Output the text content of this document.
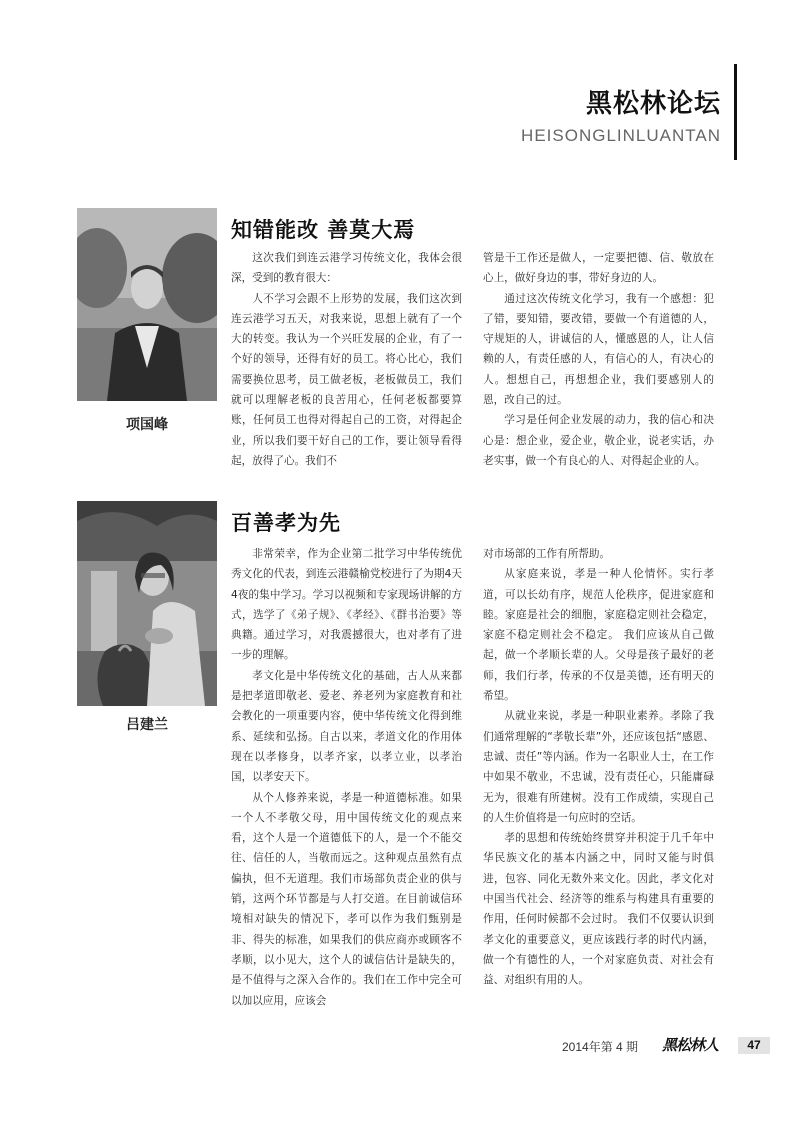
黑松林论坛
HEISONGLINLUANTAN
项国峰
知错能改 善莫大焉

这次我们到连云港学习传统文化，我体会很深，受到的教育很大：

人不学习会跟不上形势的发展，我们这次到连云港学习五天，对我来说，思想上就有了一个大的转变。我认为一个兴旺发展的企业，有了一个好的领导，还得有好的员工。将心比心，我们需要换位思考，员工做老板，老板做员工，我们就可以理解老板的良苦用心，任何老板都要算账，任何员工也得对得起自己的工资，对得起企业，所以我们要干好自己的工作，要让领导看得起，放得了心。我们不

管是干工作还是做人，一定要把德、信、敬放在心上，做好身边的事，带好身边的人。

通过这次传统文化学习，我有一个感想：犯了错，要知错，要改错，要做一个有道德的人，守规矩的人，讲诚信的人，懂感恩的人，让人信赖的人，有责任感的人，有信心的人，有决心的人。想想自己，再想想企业，我们要感别人的恩，改自己的过。

学习是任何企业发展的动力，我的信心和决心是：想企业，爱企业，敬企业，说老实话，办老实事，做一个有良心的人、对得起企业的人。

吕建兰
百善孝为先

非常荣幸，作为企业第二批学习中华传统优秀文化的代表，到连云港赣榆党校进行了为期4天4夜的集中学习。学习以视频和专家现场讲解的方式，选学了《弟子规》、《孝经》、《群书治要》等典籍。通过学习，对我震撼很大，也对孝有了进一步的理解。

孝文化是中华传统文化的基础，古人从来都是把孝道即敬老、爱老、养老列为家庭教育和社会教化的一项重要内容，使中华传统文化得到维系、延续和弘扬。自古以来，孝道文化的作用体现在以孝修身，以孝齐家，以孝立业，以孝治国，以孝安天下。

从个人修养来说，孝是一种道德标准。如果一个人不孝敬父母，用中国传统文化的观点来看，这个人是一个道德低下的人，是一个不能交往、信任的人，当敬而远之。这种观点虽然有点偏执，但不无道理。我们市场部负责企业的供与销，这两个环节都是与人打交道。在目前诚信环境相对缺失的情况下，孝可以作为我们甄别是非、得失的标准，如果我们的供应商亦或顾客不孝顺，以小见大，这个人的诚信估计是缺失的，是不值得与之深入合作的。我们在工作中完全可以加以应用，应该会

对市场部的工作有所帮助。

从家庭来说，孝是一种人伦情怀。实行孝道，可以长幼有序，规范人伦秩序，促进家庭和睦。家庭是社会的细胞，家庭稳定则社会稳定，家庭不稳定则社会不稳定。 我们应该从自己做起，做一个孝顺长辈的人。父母是孩子最好的老师，我们行孝，传承的不仅是美德，还有明天的希望。

从就业来说，孝是一种职业素养。孝除了我们通常理解的“孝敬长辈”外，还应该包括“感恩、忠诚、责任”等内涵。作为一名职业人士，在工作中如果不敬业，不忠诚，没有责任心，只能庸碌无为，很难有所建树。没有工作成绩，实现自己的人生价值将是一句应时的空话。

孝的思想和传统始终贯穿并积淀于几千年中华民族文化的基本内涵之中，同时又能与时俱进，包容、同化无数外来文化。因此，孝文化对中国当代社会、经济等的维系与构建具有重要的作用，任何时候都不会过时。 我们不仅要认识到孝文化的重要意义，更应该践行孝的时代内涵，做一个有德性的人，一个对家庭负责、对社会有益、对组织有用的人。

2014年第 4 期 黑松林人	47
